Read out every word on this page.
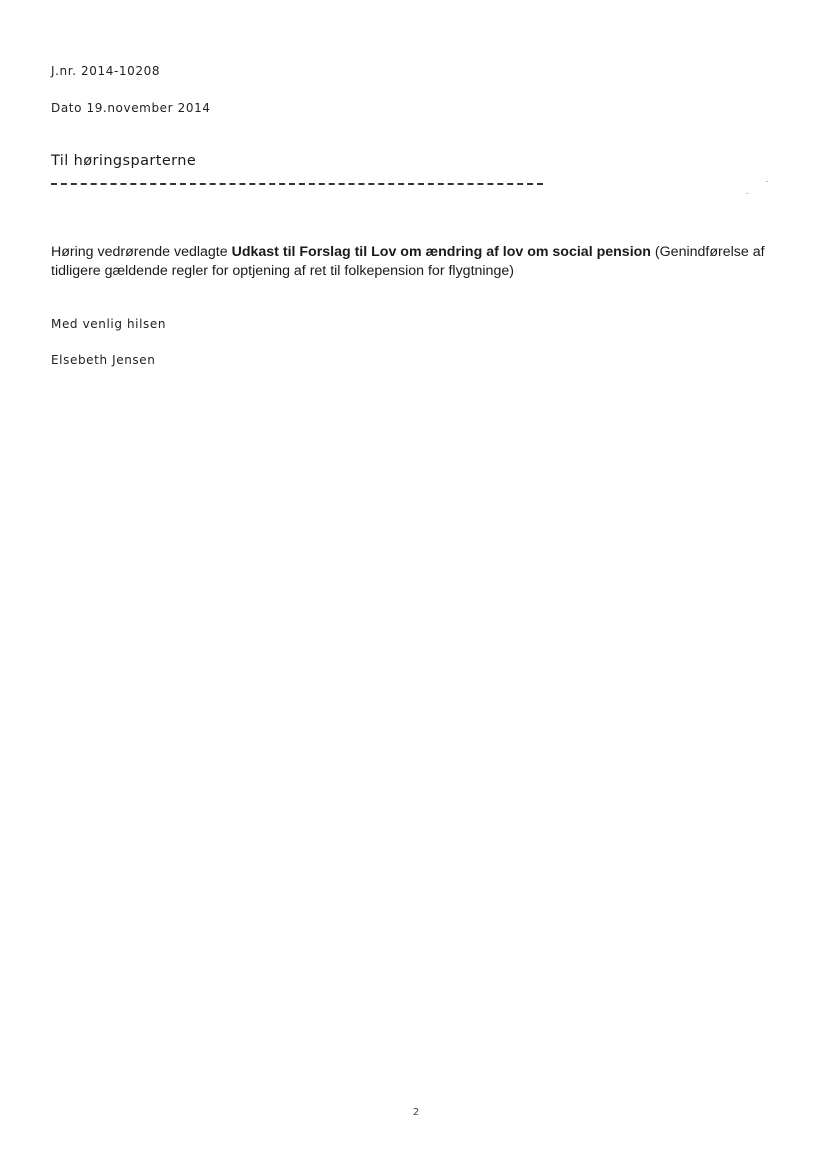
J.nr. 2014-10208
Dato 19.november 2014
Til høringsparterne
Høring vedrørende vedlagte Udkast til Forslag til Lov om ændring af lov om social pension (Genindførelse af tidligere gældende regler for optjening af ret til folkepension for flygtninge)
Med venlig hilsen
Elsebeth Jensen
2
